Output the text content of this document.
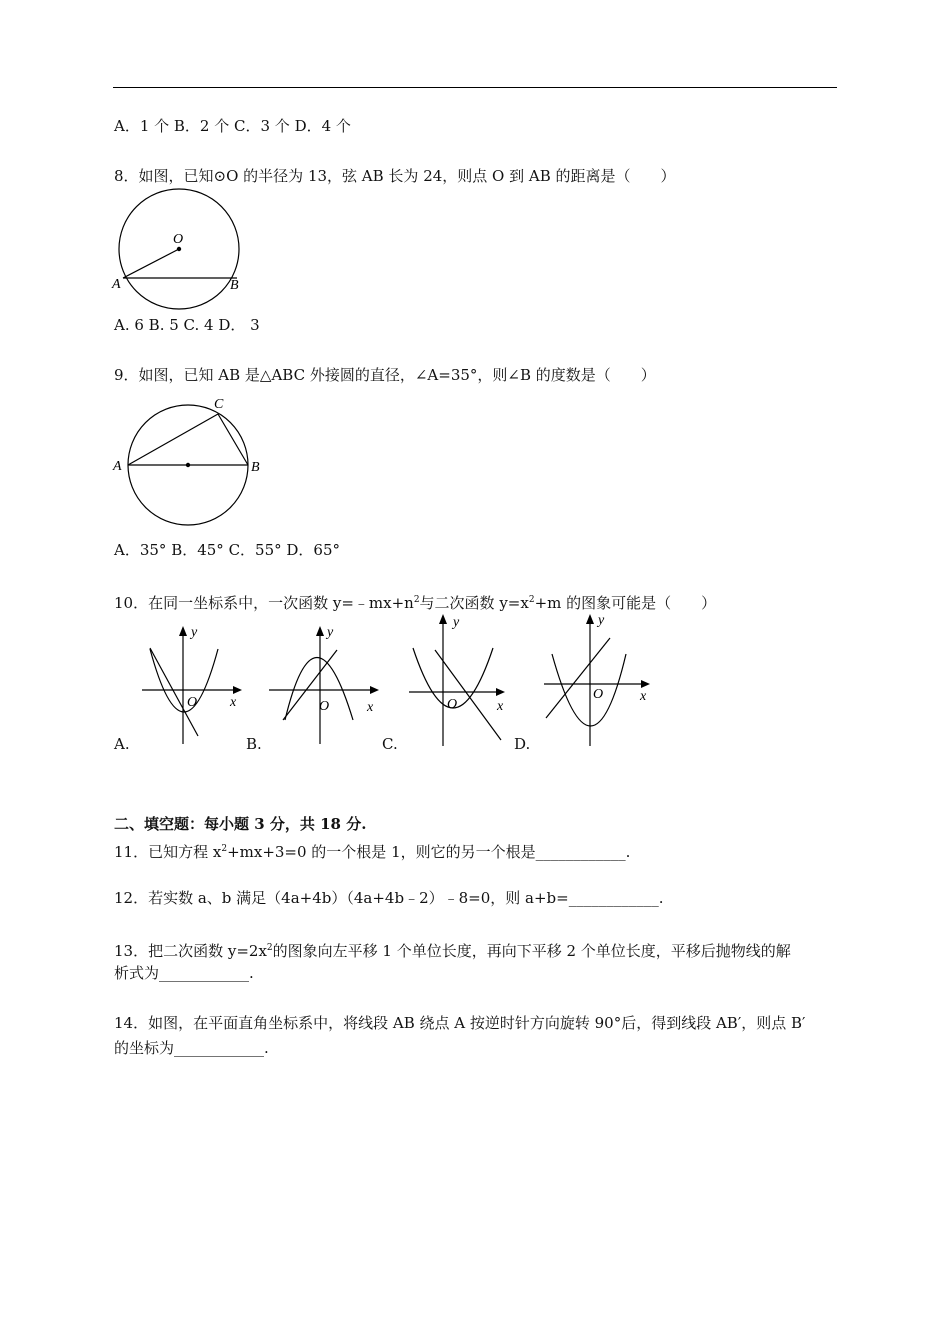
A．1 个 B．2 个 C．3 个 D．4 个
8．如图，已知⊙O 的半径为 13，弦 AB 长为 24，则点 O 到 AB 的距离是（　　）
O
A	B
A. 6 B. 5 C. 4 D． 3
9．如图，已知 AB 是△ABC 外接圆的直径，∠A=35°，则∠B 的度数是（　　）
A	B
C
A．35° B．45° C．55° D．65°
10．在同一坐标系中，一次函数 $y=﹣mx+n^2$与二次函数 $y=x^2+m$ 的图象可能是（　　）
y
x
O
A.
y
x
O
B.
y
x
O
C.
y
x
O
D.
二、填空题：每小题 3 分，共 18 分.
11．已知方程 $x^2+mx+3=0$ 的一个根是 1，则它的另一个根是____________.
12．若实数 a、b 满足（4a+4b）（4a+4b﹣2）﹣8=0，则 a+b=____________.
13．把二次函数 $y=2x^2$的图象向左平移 1 个单位长度，再向下平移 2 个单位长度，平移后抛物线的解
析式为____________.
14．如图，在平面直角坐标系中，将线段 AB 绕点 A 按逆时针方向旋转 90°后，得到线段 AB′，则点 B′
的坐标为____________.
